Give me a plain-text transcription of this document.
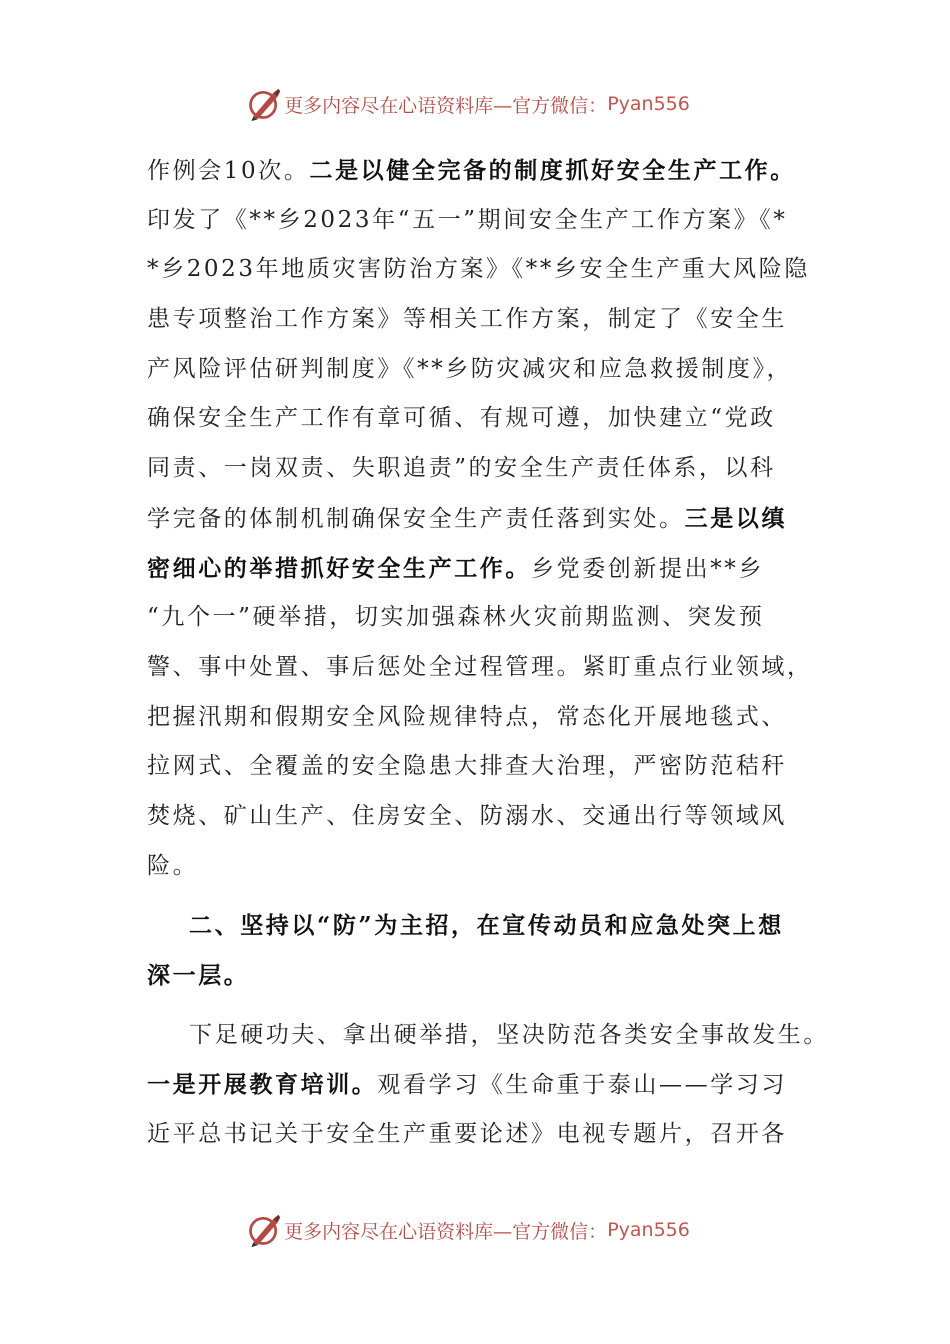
更多内容尽在心语资料库— 官方微信： Pyan556
作例会10次。二是以健全完备的制度抓好安全生产工作。
印发了《**乡2023年“五一”期间安全生产工作方案》《*
*乡2023年地质灾害防治方案》《**乡安全生产重大风险隐
患专项整治工作方案》等相关工作方案，制定了《安全生
产风险评估研判制度》《**乡防灾减灾和应急救援制度》，
确保安全生产工作有章可循、有规可遵，加快建立“党政
同责、一岗双责、失职追责”的安全生产责任体系，以科
学完备的体制机制确保安全生产责任落到实处。三是以缜
密细心的举措抓好安全生产工作。乡党委创新提出**乡
“九个一”硬举措，切实加强森林火灾前期监测、突发预
警、事中处置、事后惩处全过程管理。紧盯重点行业领域，
把握汛期和假期安全风险规律特点，常态化开展地毯式、
拉网式、全覆盖的安全隐患大排查大治理，严密防范秸秆
焚烧、矿山生产、住房安全、防溺水、交通出行等领域风
险。
二、坚持以“防”为主招，在宣传动员和应急处突上想
深一层。
下足硬功夫、拿出硬举措，坚决防范各类安全事故发生。
一是开展教育培训。观看学习《生命重于泰山——学习习
近平总书记关于安全生产重要论述》电视专题片，召开各
更多内容尽在心语资料库— 官方微信： Pyan556
